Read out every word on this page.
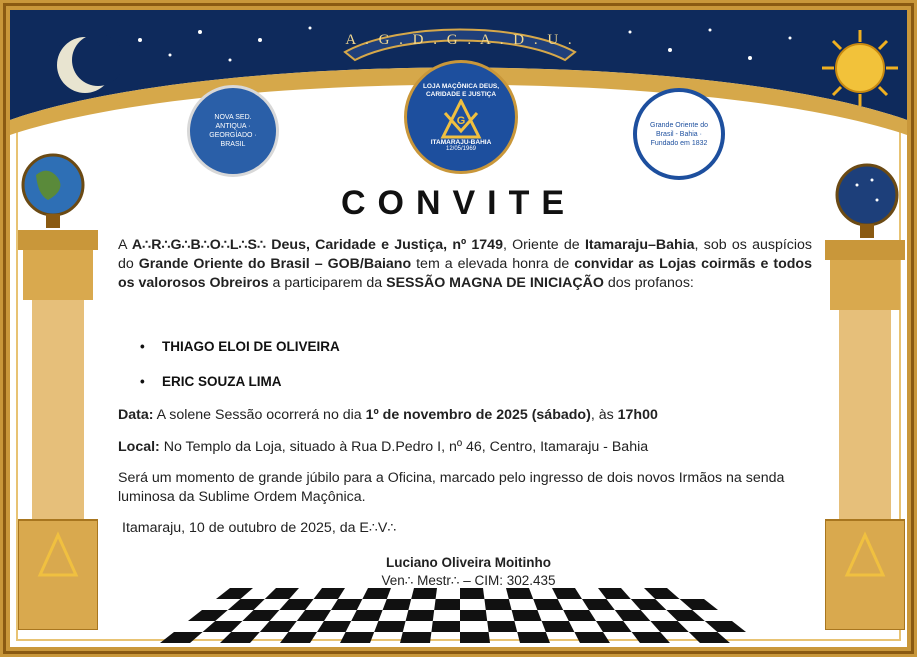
A . G . D . G . A . D . U .
NOVA SED. ANTIQUA · GEORGÍADO · BRASIL
LOJA MAÇÔNICA DEUS, CARIDADE E JUSTIÇA
G
ITAMARAJU-BAHIA
12/05/1969
Grande Oriente do Brasil - Bahia · Fundado em 1832
CONVITE
A A∴R∴G∴B∴O∴L∴S∴ Deus, Caridade e Justiça, nº 1749, Oriente de Itamaraju–Bahia, sob os auspícios do Grande Oriente do Brasil – GOB/Baiano tem a elevada honra de convidar as Lojas coirmãs e todos os valorosos Obreiros a participarem da SESSÃO MAGNA DE INICIAÇÃO dos profanos:
• THIAGO ELOI DE OLIVEIRA
• ERIC SOUZA LIMA
Data: A solene Sessão ocorrerá no dia 1º de novembro de 2025 (sábado), às 17h00
Local: No Templo da Loja, situado à Rua D.Pedro I, nº 46, Centro, Itamaraju - Bahia
Será um momento de grande júbilo para a Oficina, marcado pelo ingresso de dois novos Irmãos na senda luminosa da Sublime Ordem Maçônica.
Itamaraju, 10 de outubro de 2025, da E∴V∴
Luciano Oliveira Moitinho
Ven∴ Mestr∴ – CIM: 302.435
